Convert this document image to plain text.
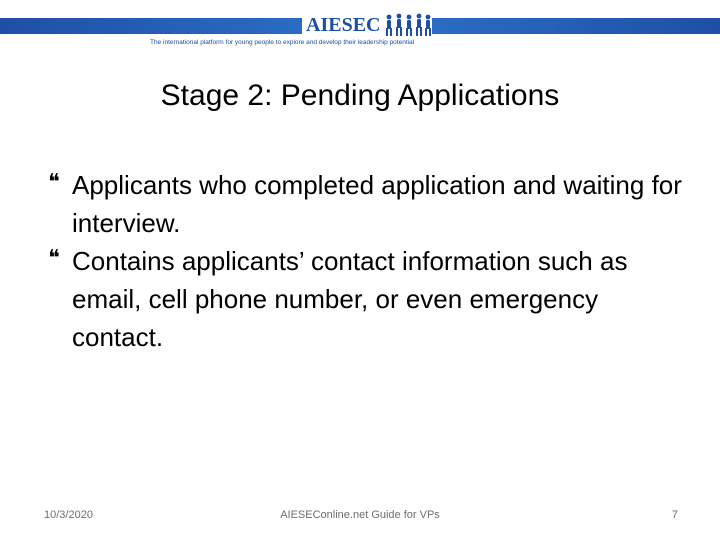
AIESEC
The international platform for young people to explore and develop their leadership potential
Stage 2: Pending Applications
❝ Applicants who completed application and waiting for interview.
❝ Contains applicants’ contact information such as email, cell phone number, or even emergency contact.
10/3/2020	AIESEConline.net Guide for VPs	7
